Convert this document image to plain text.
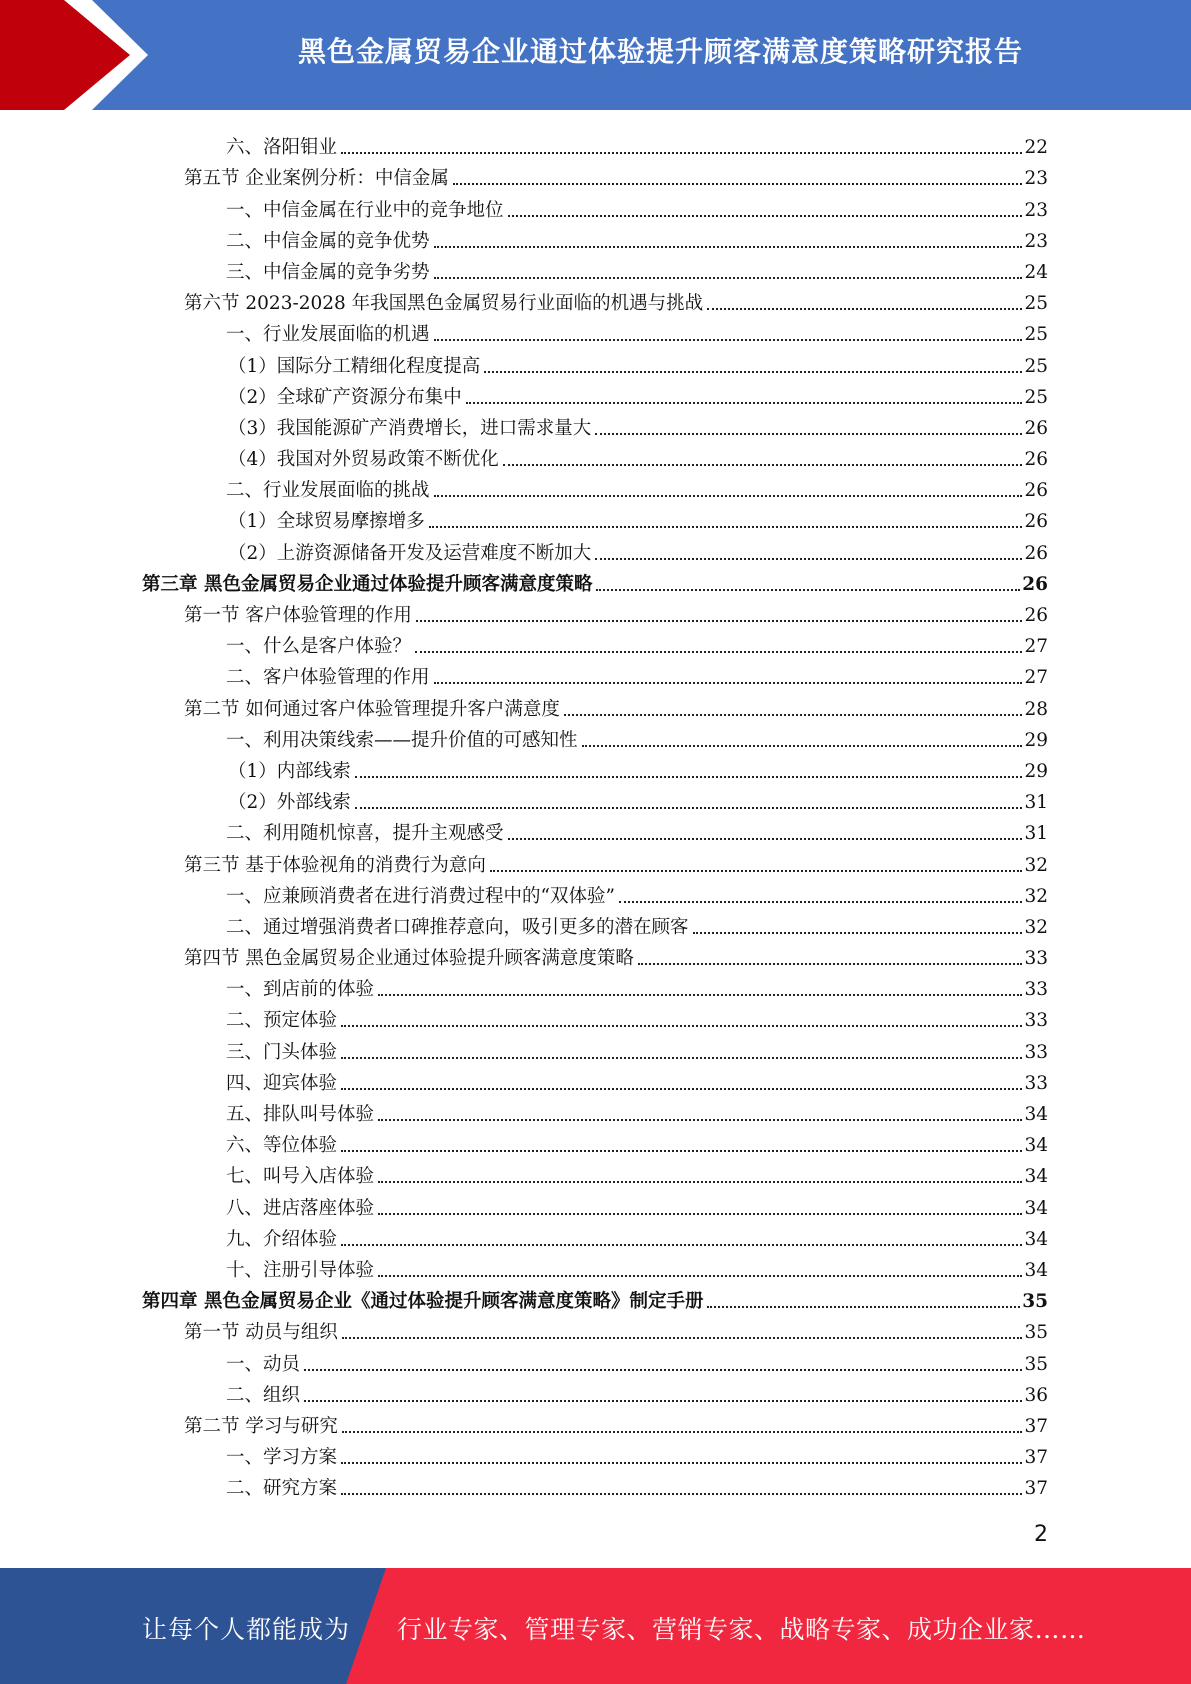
黑色金属贸易企业通过体验提升顾客满意度策略研究报告
六、洛阳钼业	22
第五节 企业案例分析：中信金属	23
一、中信金属在行业中的竞争地位	23
二、中信金属的竞争优势	23
三、中信金属的竞争劣势	24
第六节 2023-2028 年我国黑色金属贸易行业面临的机遇与挑战	25
一、行业发展面临的机遇	25
（1）国际分工精细化程度提高	25
（2）全球矿产资源分布集中	25
（3）我国能源矿产消费增长，进口需求量大	26
（4）我国对外贸易政策不断优化	26
二、行业发展面临的挑战	26
（1）全球贸易摩擦增多	26
（2）上游资源储备开发及运营难度不断加大	26
第三章 黑色金属贸易企业通过体验提升顾客满意度策略	26
第一节 客户体验管理的作用	26
一、什么是客户体验？	27
二、客户体验管理的作用	27
第二节 如何通过客户体验管理提升客户满意度	28
一、利用决策线索——提升价值的可感知性	29
（1）内部线索	29
（2）外部线索	31
二、利用随机惊喜，提升主观感受	31
第三节 基于体验视角的消费行为意向	32
一、应兼顾消费者在进行消费过程中的“双体验”	32
二、通过增强消费者口碑推荐意向，吸引更多的潜在顾客	32
第四节 黑色金属贸易企业通过体验提升顾客满意度策略	33
一、到店前的体验	33
二、预定体验	33
三、门头体验	33
四、迎宾体验	33
五、排队叫号体验	34
六、等位体验	34
七、叫号入店体验	34
八、进店落座体验	34
九、介绍体验	34
十、注册引导体验	34
第四章 黑色金属贸易企业《通过体验提升顾客满意度策略》制定手册	35
第一节 动员与组织	35
一、动员	35
二、组织	36
第二节 学习与研究	37
一、学习方案	37
二、研究方案	37
2
让每个人都能成为 行业专家、管理专家、营销专家、战略专家、成功企业家……
